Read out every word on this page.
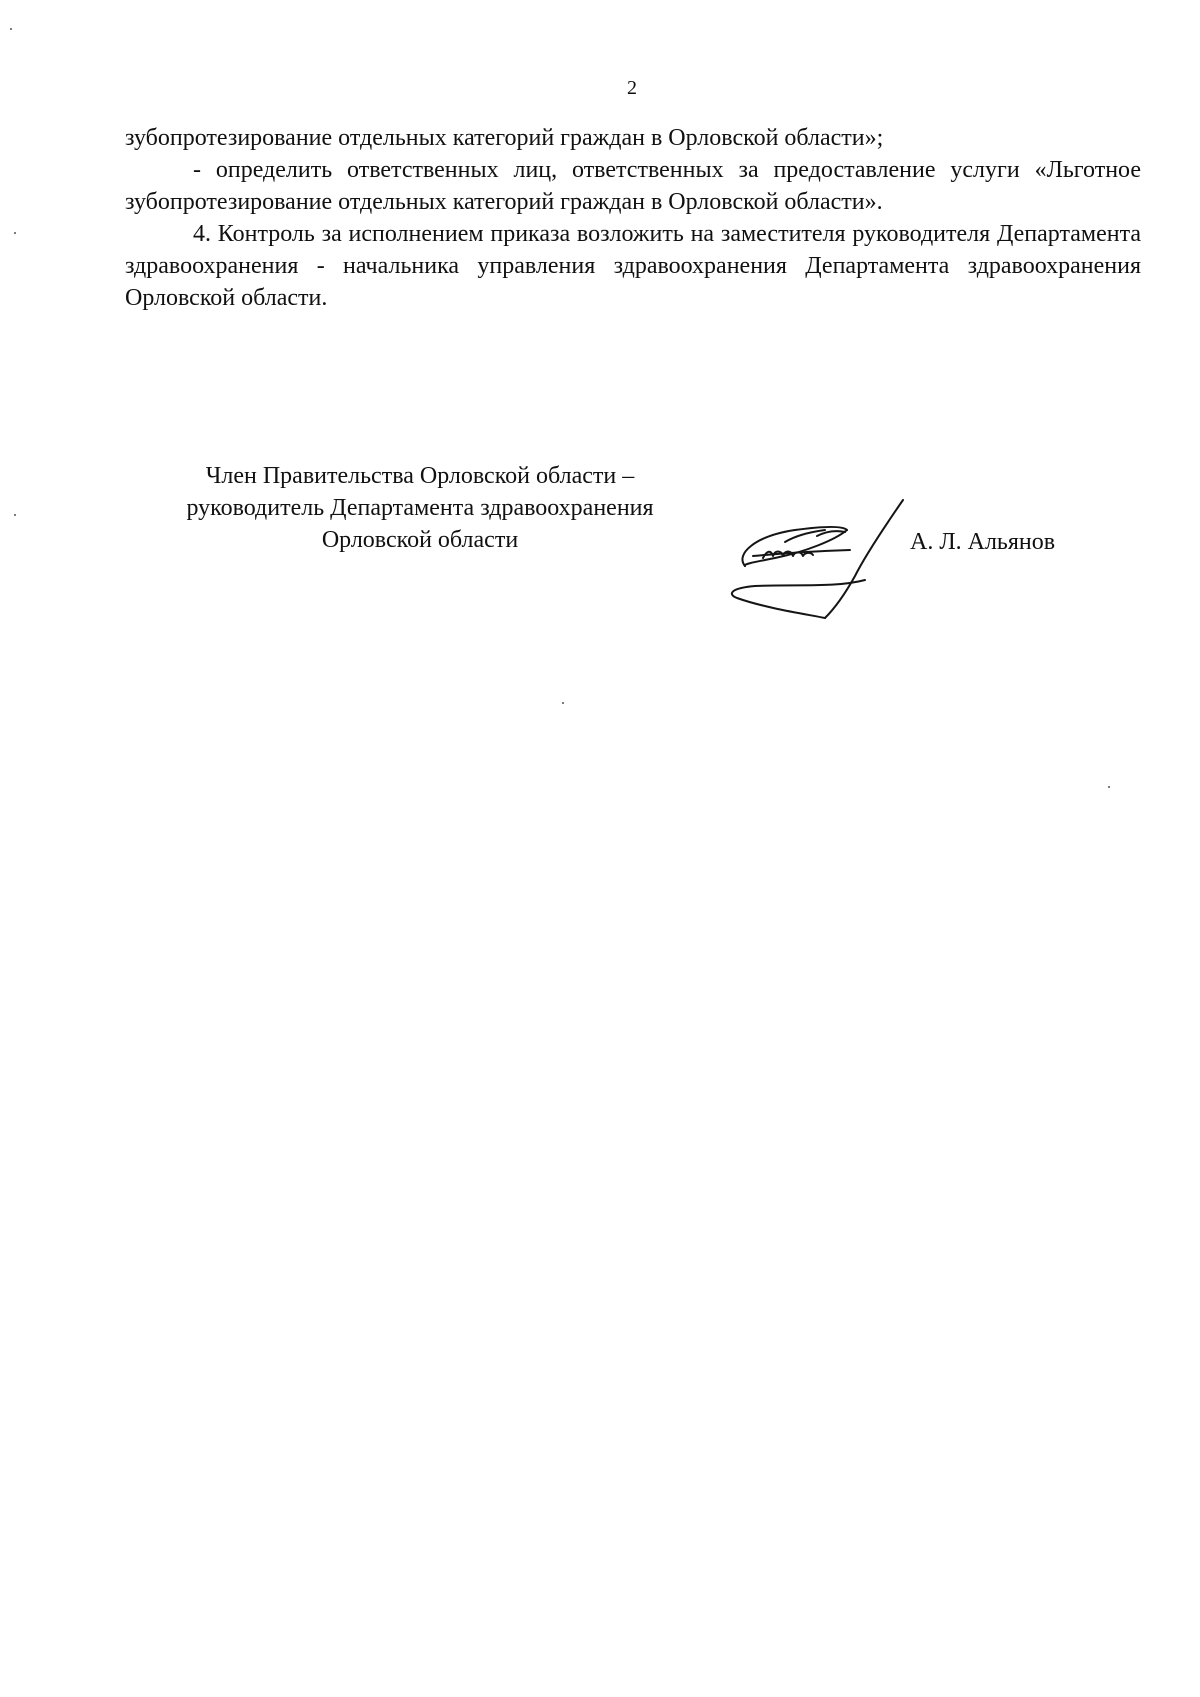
2

зубопротезирование отдельных категорий граждан в Орловской области»;

- определить ответственных лиц, ответственных за предоставление услуги «Льготное зубопротезирование отдельных категорий граждан в Орловской области».

4. Контроль за исполнением приказа возложить на заместителя руководителя Департамента здравоохранения - начальника управления здравоохранения Департамента здравоохранения Орловской области.

Член Правительства Орловской области –
руководитель Департамента здравоохранения
Орловской области	А. Л. Альянов
